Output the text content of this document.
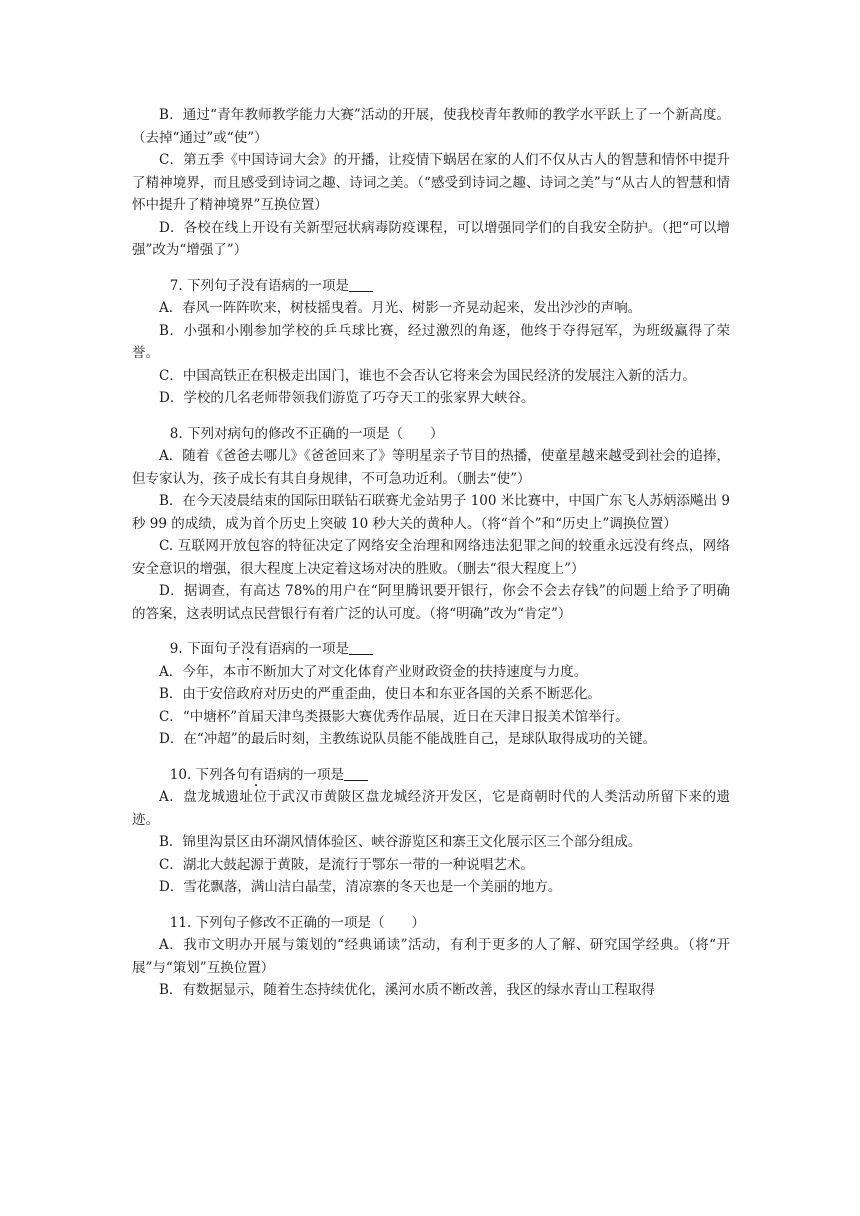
B．通过“青年教师教学能力大赛”活动的开展，使我校青年教师的教学水平跃上了一个新高度。（去掉“通过”或“使”）

C．第五季《中国诗词大会》的开播，让疫情下蜗居在家的人们不仅从古人的智慧和情怀中提升了精神境界，而且感受到诗词之趣、诗词之美。（“感受到诗词之趣、诗词之美”与“从古人的智慧和情怀中提升了精神境界”互换位置）

D．各校在线上开设有关新型冠状病毒防疫课程，可以增强同学们的自我安全防护。（把“可以增强”改为“增强了”）

7. 下列句子没有语病的一项是

A．春风一阵阵吹来，树枝摇曳着。月光、树影一齐晃动起来，发出沙沙的声响。

B．小强和小刚参加学校的乒乓球比赛，经过激烈的角逐，他终于夺得冠军，为班级赢得了荣誉。

C．中国高铁正在积极走出国门，谁也不会否认它将来会为国民经济的发展注入新的活力。

D．学校的几名老师带领我们游览了巧夺天工的张家界大峡谷。

8. 下列对病句的修改不正确的一项是（　　）

A．随着《爸爸去哪儿》《爸爸回来了》等明星亲子节目的热播，使童星越来越受到社会的追捧，但专家认为，孩子成长有其自身规律，不可急功近利。（删去“使”）

B．在今天凌晨结束的国际田联钻石联赛尤金站男子 100 米比赛中，中国广东飞人苏炳添飚出 9 秒 99 的成绩，成为首个历史上突破 10 秒大关的黄种人。（将“首个”和“历史上”调换位置）

C. 互联网开放包容的特征决定了网络安全治理和网络违法犯罪之间的较重永远没有终点，网络安全意识的增强，很大程度上决定着这场对决的胜败。（删去“很大程度上”）

D．据调查，有高达 78%的用户在“阿里腾讯要开银行，你会不会去存钱”的问题上给予了明确的答案，这表明试点民营银行有着广泛的认可度。（将“明确”改为“肯定”）

9. 下面句子没有语病的一项是

A．今年，本市不断加大了对文化体育产业财政资金的扶持速度与力度。

B．由于安倍政府对历史的严重歪曲，使日本和东亚各国的关系不断恶化。

C．“中塘杯”首届天津鸟类摄影大赛优秀作品展，近日在天津日报美术馆举行。

D．在“冲超”的最后时刻，主教练说队员能不能战胜自己，是球队取得成功的关键。

10. 下列各句有语病的一项是

A．盘龙城遗址位于武汉市黄陂区盘龙城经济开发区，它是商朝时代的人类活动所留下来的遗迹。

B．锦里沟景区由环湖风情体验区、峡谷游览区和寨王文化展示区三个部分组成。

C．湖北大鼓起源于黄陂，是流行于鄂东一带的一种说唱艺术。

D．雪花飘落，满山洁白晶莹，清凉寨的冬天也是一个美丽的地方。

11. 下列句子修改不正确的一项是（　　）

A．我市文明办开展与策划的“经典诵读”活动，有利于更多的人了解、研究国学经典。（将“开展”与“策划”互换位置）

B．有数据显示，随着生态持续优化，溪河水质不断改善，我区的绿水青山工程取得
